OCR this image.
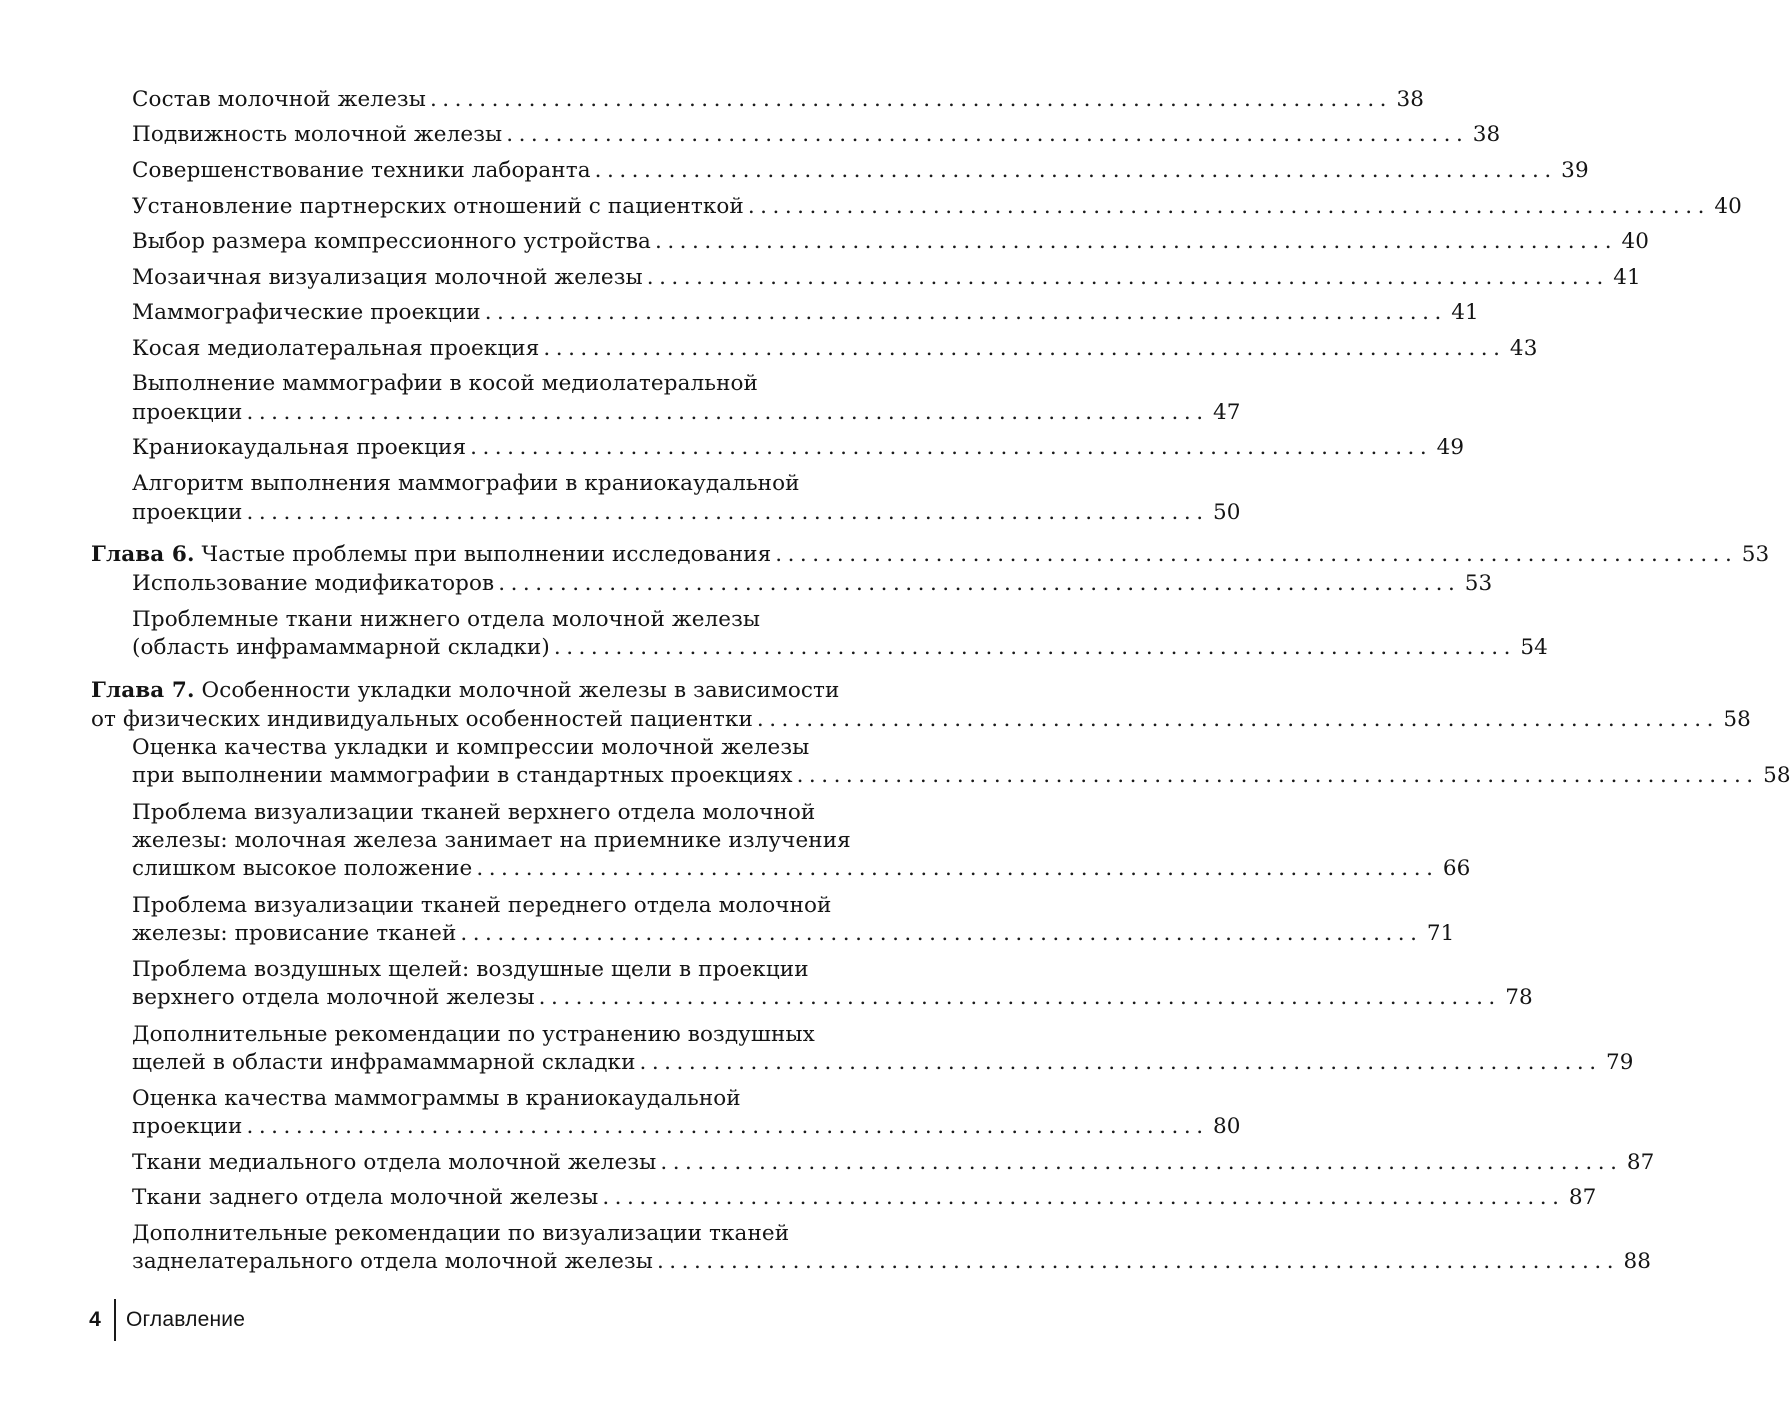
Состав молочной железы .............................................................................. 38
Подвижность молочной железы .............................................................................. 38
Совершенствование техники лаборанта .............................................................................. 39
Установление партнерских отношений с пациенткой .............................................................................. 40
Выбор размера компрессионного устройства .............................................................................. 40
Мозаичная визуализация молочной железы .............................................................................. 41
Маммографические проекции .............................................................................. 41
Косая медиолатеральная проекция .............................................................................. 43
Выполнение маммографии в косой медиолатеральной
проекции .............................................................................. 47
Краниокаудальная проекция .............................................................................. 49
Алгоритм выполнения маммографии в краниокаудальной
проекции .............................................................................. 50
Глава 6. Частые проблемы при выполнении исследования .............................................................................. 53
Использование модификаторов .............................................................................. 53
Проблемные ткани нижнего отдела молочной железы
(область инфрамаммарной складки) .............................................................................. 54
Глава 7. Особенности укладки молочной железы в зависимости
от физических индивидуальных особенностей пациентки .............................................................................. 58
Оценка качества укладки и компрессии молочной железы
при выполнении маммографии в стандартных проекциях .............................................................................. 58
Проблема визуализации тканей верхнего отдела молочной
железы: молочная железа занимает на приемнике излучения
слишком высокое положение .............................................................................. 66
Проблема визуализации тканей переднего отдела молочной
железы: провисание тканей .............................................................................. 71
Проблема воздушных щелей: воздушные щели в проекции
верхнего отдела молочной железы .............................................................................. 78
Дополнительные рекомендации по устранению воздушных
щелей в области инфрамаммарной складки .............................................................................. 79
Оценка качества маммограммы в краниокаудальной
проекции .............................................................................. 80
Ткани медиального отдела молочной железы .............................................................................. 87
Ткани заднего отдела молочной железы .............................................................................. 87
Дополнительные рекомендации по визуализации тканей
заднелатерального отдела молочной железы .............................................................................. 88
4 Оглавление
